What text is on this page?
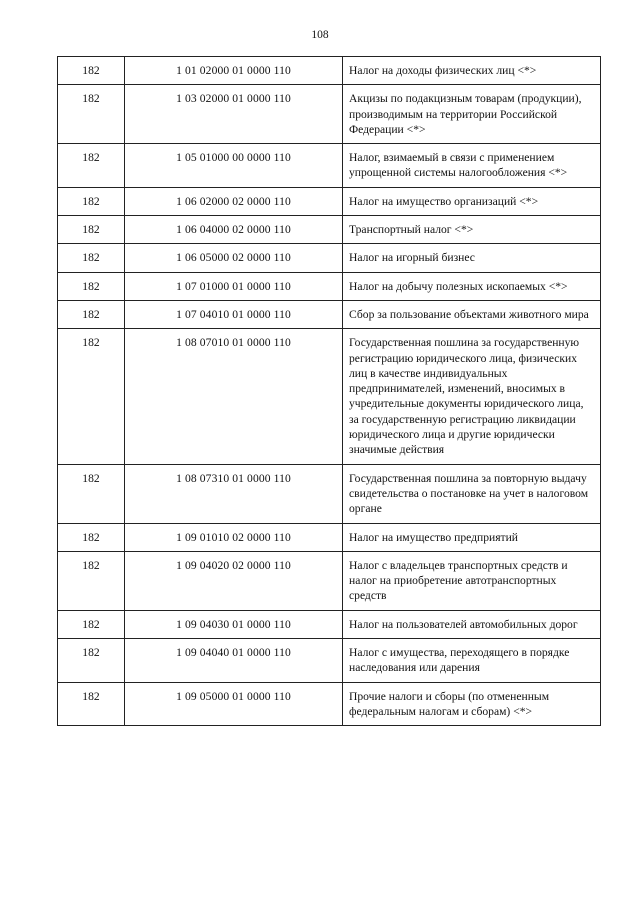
108
182	1 01 02000 01 0000 110	Налог на доходы физических лиц <*>
182	1 03 02000 01 0000 110	Акцизы по подакцизным товарам (продукции), производимым на территории Российской Федерации <*>
182	1 05 01000 00 0000 110	Налог, взимаемый в связи с применением упрощенной системы налогообложения <*>
182	1 06 02000 02 0000 110	Налог на имущество организаций <*>
182	1 06 04000 02 0000 110	Транспортный налог <*>
182	1 06 05000 02 0000 110	Налог на игорный бизнес
182	1 07 01000 01 0000 110	Налог на добычу полезных ископаемых <*>
182	1 07 04010 01 0000 110	Сбор за пользование объектами животного мира
182	1 08 07010 01 0000 110	Государственная пошлина за государственную регистрацию юридического лица, физических лиц в качестве индивидуальных предпринимателей, изменений, вносимых в учредительные документы юридического лица, за государственную регистрацию ликвидации юридического лица и другие юридически значимые действия
182	1 08 07310 01 0000 110	Государственная пошлина за повторную выдачу свидетельства о постановке на учет в налоговом органе
182	1 09 01010 02 0000 110	Налог на имущество предприятий
182	1 09 04020 02 0000 110	Налог с владельцев транспортных средств и налог на приобретение автотранспортных средств
182	1 09 04030 01 0000 110	Налог на пользователей автомобильных дорог
182	1 09 04040 01 0000 110	Налог с имущества, переходящего в порядке наследования или дарения
182	1 09 05000 01 0000 110	Прочие налоги и сборы (по отмененным федеральным налогам и сборам) <*>
